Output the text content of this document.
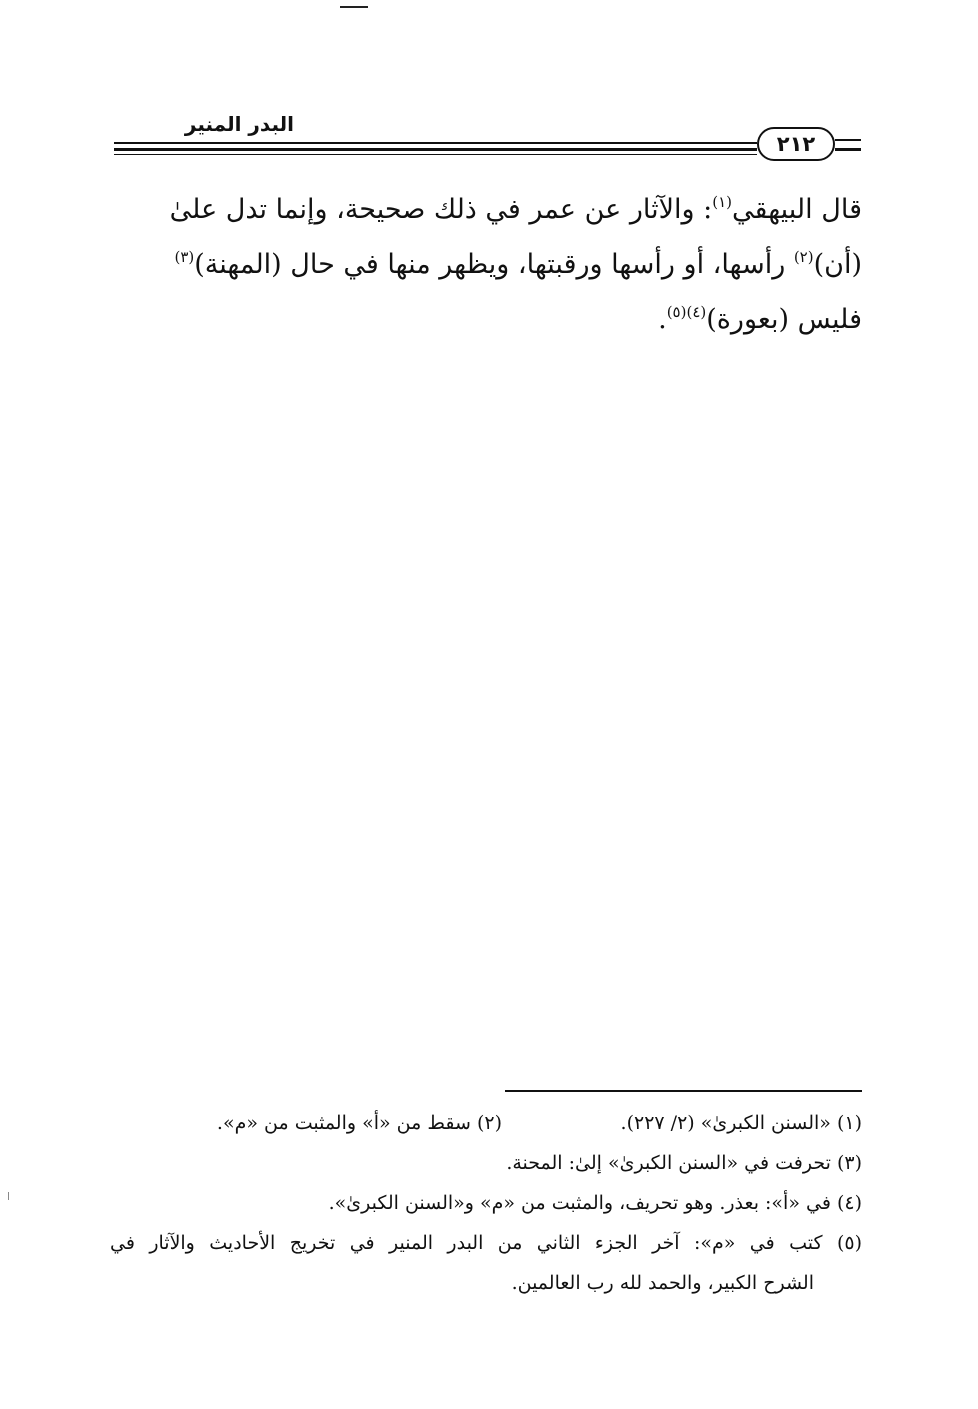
البدر المنير
٢١٢
قال البيهقي$^{(١)}$: والآثار عن عمر في ذلك صحيحة، وإنما تدل علىٰ
(أن)$^{(٢)}$ رأسها، أو رأسها ورقبتها، ويظهر منها في حال (المهنة)$^{(٣)}$
فليس (بعورة)$^{(٤)(٥)}$.
(١) «السنن الكبرىٰ» (٢/ ٢٢٧).
(٢) سقط من «أ» والمثبت من «م».
(٣) تحرفت في «السنن الكبرىٰ» إلىٰ: المحنة.
(٤) في «أ»: بعذر. وهو تحريف، والمثبت من «م» و«السنن الكبرىٰ».
(٥) كتب في «م»: آخر الجزء الثاني من البدر المنير في تخريج الأحاديث والآثار في
الشرح الكبير، والحمد لله رب العالمين.
